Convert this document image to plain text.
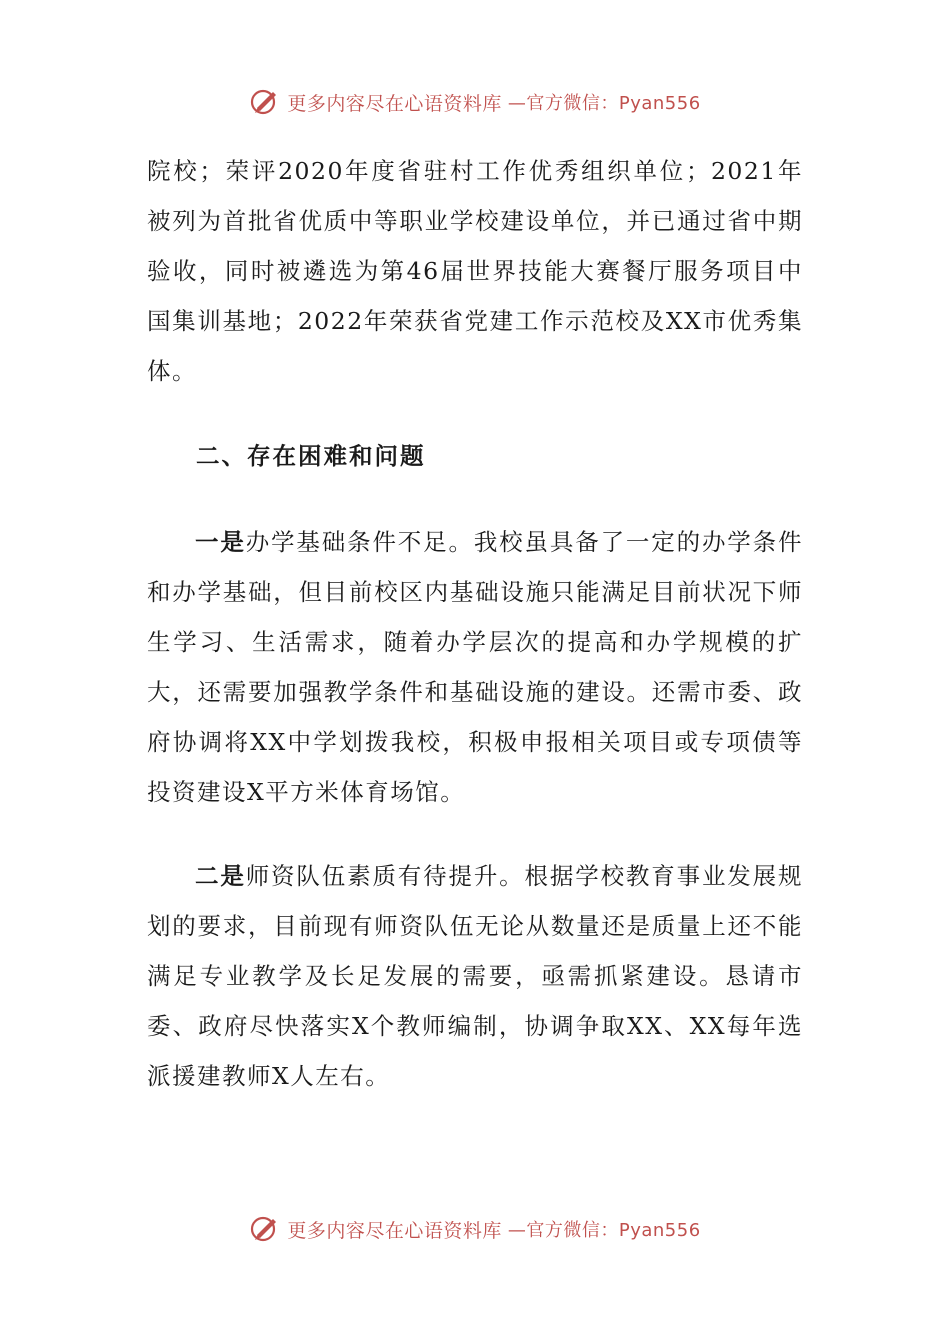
更多内容尽在心语资料库 —官方微信：Pyan556

院校；荣评2020年度省驻村工作优秀组织单位；2021年被列为首批省优质中等职业学校建设单位，并已通过省中期验收，同时被遴选为第46届世界技能大赛餐厅服务项目中国集训基地；2022年荣获省党建工作示范校及XX市优秀集体。

二、存在困难和问题

一是办学基础条件不足。我校虽具备了一定的办学条件和办学基础，但目前校区内基础设施只能满足目前状况下师生学习、生活需求，随着办学层次的提高和办学规模的扩大，还需要加强教学条件和基础设施的建设。还需市委、政府协调将XX中学划拨我校，积极申报相关项目或专项债等投资建设X平方米体育场馆。

二是师资队伍素质有待提升。根据学校教育事业发展规划的要求，目前现有师资队伍无论从数量还是质量上还不能满足专业教学及长足发展的需要，亟需抓紧建设。恳请市委、政府尽快落实X个教师编制，协调争取XX、XX每年选派援建教师X人左右。

更多内容尽在心语资料库 —官方微信：Pyan556
